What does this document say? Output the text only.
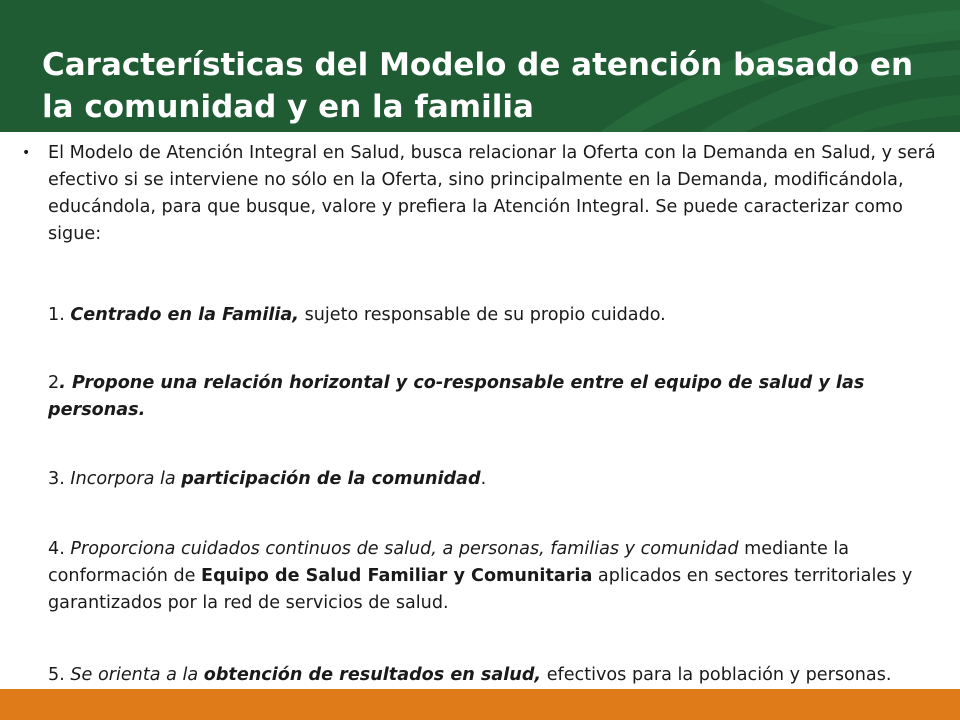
Características del Modelo de atención basado en la comunidad y en la familia
• El Modelo de Atención Integral en Salud, busca relacionar la Oferta con la Demanda en Salud, y será efectivo si se interviene no sólo en la Oferta, sino principalmente en la Demanda, modificándola, educándola, para que busque, valore y prefiera la Atención Integral. Se puede caracterizar como sigue:

1. Centrado en la Familia, sujeto responsable de su propio cuidado.

2. Propone una relación horizontal y co-responsable entre el equipo de salud y las personas.

3. Incorpora la participación de la comunidad.

4. Proporciona cuidados continuos de salud, a personas, familias y comunidad mediante la conformación de Equipo de Salud Familiar y Comunitaria aplicados en sectores territoriales y garantizados por la red de servicios de salud.

5. Se orienta a la obtención de resultados en salud, efectivos para la población y personas.
